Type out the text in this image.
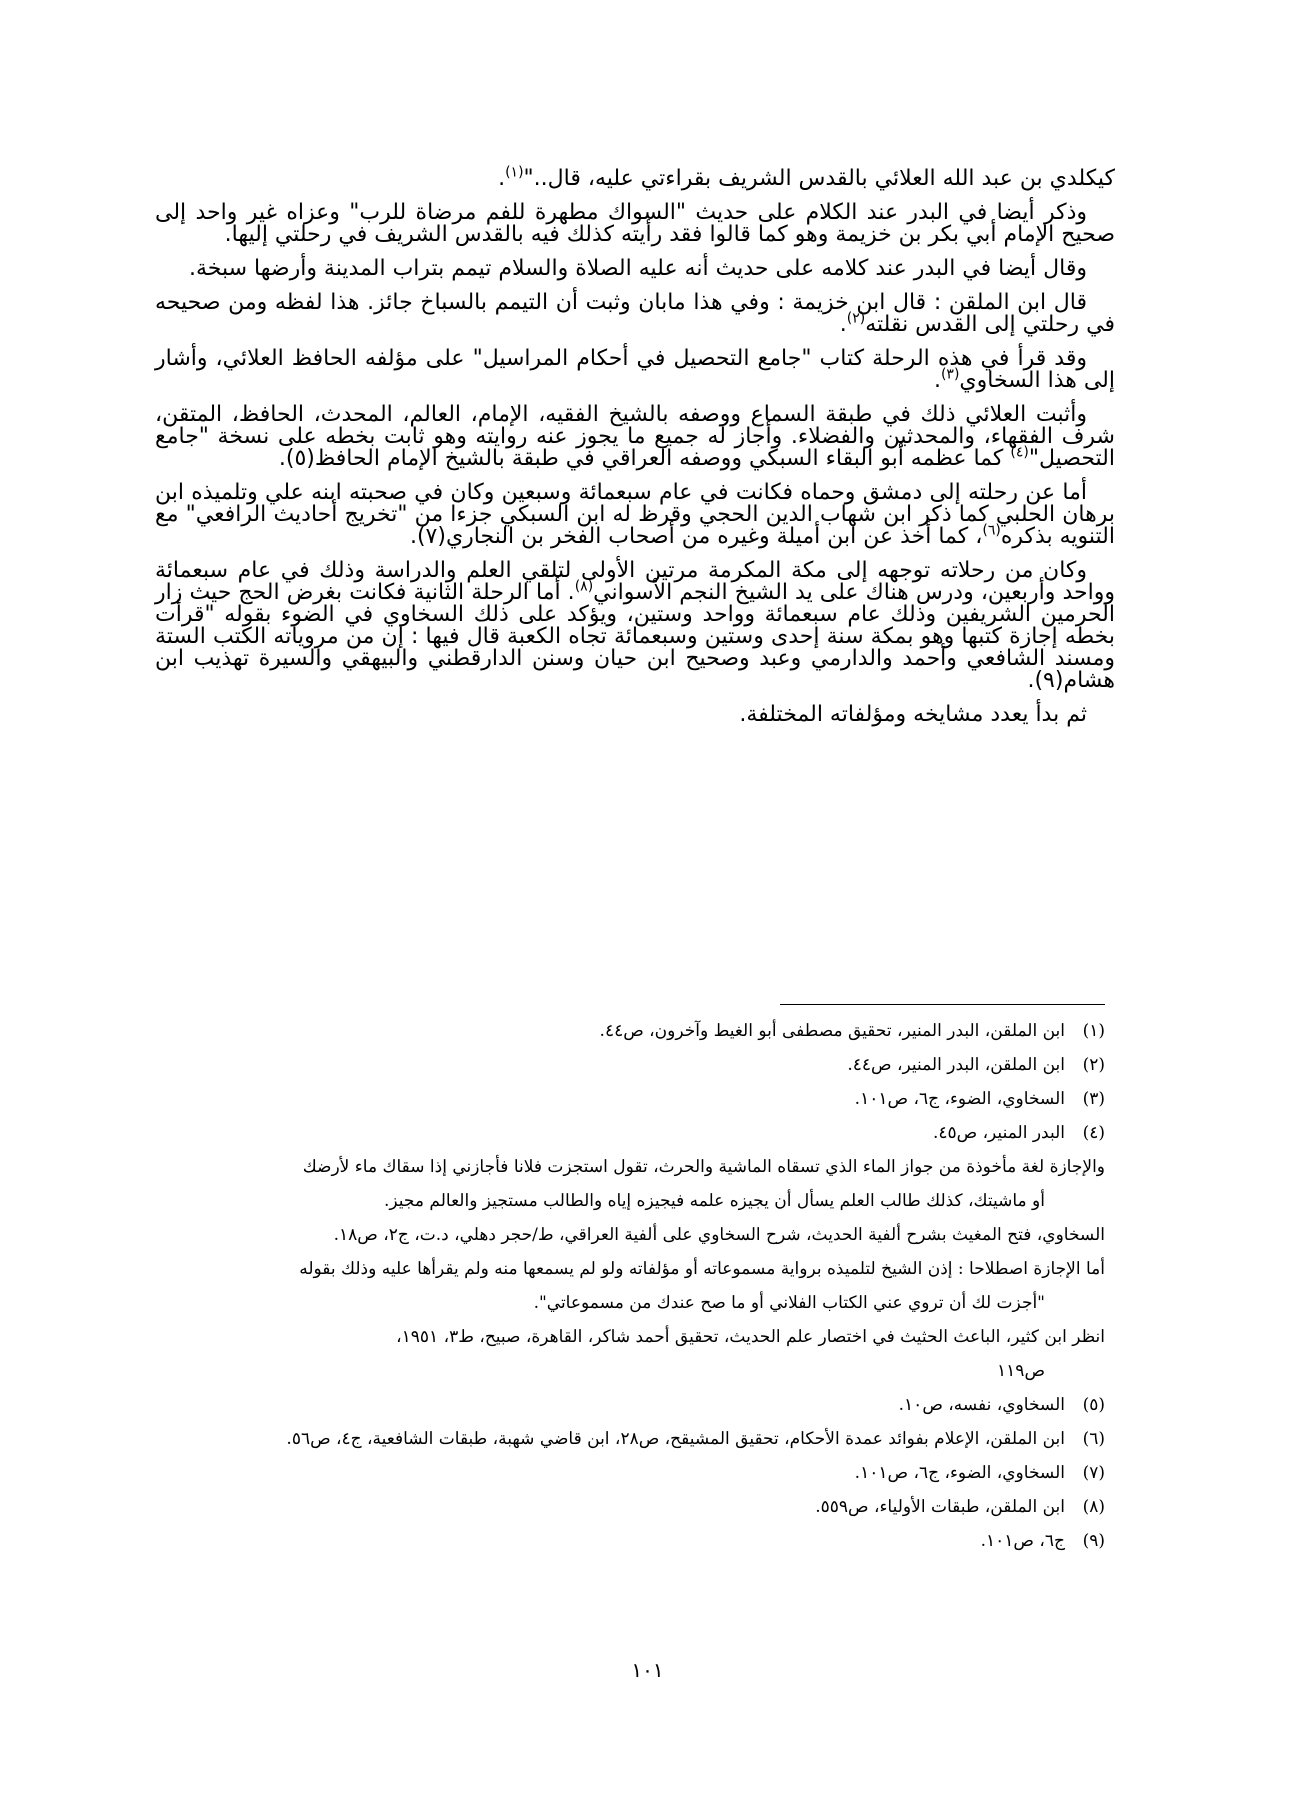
كيكلدي بن عبد الله العلائي بالقدس الشريف بقراءتي عليه، قال.."$^{(١)}$.

وذكر أيضا في البدر عند الكلام على حديث "السواك مطهرة للفم مرضاة للرب" وعزاه غير واحد إلى صحيح الإمام أبي بكر بن خزيمة وهو كما قالوا فقد رأيته كذلك فيه بالقدس الشريف في رحلتي إليها.

وقال أيضا في البدر عند كلامه على حديث أنه عليه الصلاة والسلام تيمم بتراب المدينة وأرضها سبخة.

قال ابن الملقن : قال ابن خزيمة : وفي هذا مابان وثبت أن التيمم بالسباخ جائز. هذا لفظه ومن صحيحه في رحلتي إلى القدس نقلته$^{(٢)}$.

وقد قرأ في هذه الرحلة كتاب "جامع التحصيل في أحكام المراسيل" على مؤلفه الحافظ العلائي، وأشار إلى هذا السخاوي$^{(٣)}$.

وأثبت العلائي ذلك في طبقة السماع ووصفه بالشيخ الفقيه، الإمام، العالم، المحدث، الحافظ، المتقن، شرف الفقهاء، والمحدثين والفضلاء. وأجاز له جميع ما يجوز عنه روايته وهو ثابت بخطه على نسخة "جامع التحصيل"$^{(٤)}$ كما عظمه أبو البقاء السبكي ووصفه العراقي في طبقة بالشيخ الإمام الحافظ(٥).

أما عن رحلته إلى دمشق وحماه فكانت في عام سبعمائة وسبعين وكان في صحبته ابنه علي وتلميذه ابن برهان الحلبي كما ذكر ابن شهاب الدين الحجي وقرظ له ابن السبكي جزءا من "تخريج أحاديث الرافعي" مع التنويه بذكره$^{(٦)}$، كما أخذ عن ابن أميلة وغيره من أصحاب الفخر بن النجاري(٧).

وكان من رحلاته توجهه إلى مكة المكرمة مرتين الأولى لتلقي العلم والدراسة وذلك في عام سبعمائة وواحد وأربعين، ودرس هناك على يد الشيخ النجم الأسواني$^{(٨)}$. أما الرحلة الثانية فكانت بغرض الحج حيث زار الحرمين الشريفين وذلك عام سبعمائة وواحد وستين، ويؤكد على ذلك السخاوي في الضوء بقوله "قرأت بخطه إجازة كتبها وهو بمكة سنة إحدى وستين وسبعمائة تجاه الكعبة قال فيها : إن من مروياته الكتب الستة ومسند الشافعي وأحمد والدارمي وعبد وصحيح ابن حيان وسنن الدارقطني والبيهقي والسيرة تهذيب ابن هشام(٩).

ثم بدأ يعدد مشايخه ومؤلفاته المختلفة.

(١)
ابن الملقن، البدر المنير، تحقيق مصطفى أبو الغيط وآخرون، ص٤٤.
(٢)
ابن الملقن، البدر المنير، ص٤٤.
(٣)
السخاوي، الضوء، ج٦، ص١٠١.
(٤)
البدر المنير، ص٤٥.
والإجازة لغة مأخوذة من جواز الماء الذي تسقاه الماشية والحرث، تقول استجزت فلانا فأجازني إذا سقاك ماء لأرضك
أو ماشيتك، كذلك طالب العلم يسأل أن يجيزه علمه فيجيزه إياه والطالب مستجيز والعالم مجيز.
السخاوي، فتح المغيث بشرح ألفية الحديث، شرح السخاوي على ألفية العراقي، ط/حجر دهلي، د.ت، ج٢، ص١٨.
أما الإجازة اصطلاحا : إذن الشيخ لتلميذه برواية مسموعاته أو مؤلفاته ولو لم يسمعها منه ولم يقرأها عليه وذلك بقوله
"أجزت لك أن تروي عني الكتاب الفلاني أو ما صح عندك من مسموعاتي".
انظر ابن كثير، الباعث الحثيث في اختصار علم الحديث، تحقيق أحمد شاكر، القاهرة، صبيح، ط٣، ١٩٥١،
ص١١٩
(٥)
السخاوي، نفسه، ص١٠.
(٦)
ابن الملقن، الإعلام بفوائد عمدة الأحكام، تحقيق المشيقح، ص٢٨، ابن قاضي شهبة، طبقات الشافعية، ج٤، ص٥٦.
(٧)
السخاوي، الضوء، ج٦، ص١٠١.
(٨)
ابن الملقن، طبقات الأولياء، ص٥٥٩.
(٩)
ج٦، ص١٠١.
١٠١
